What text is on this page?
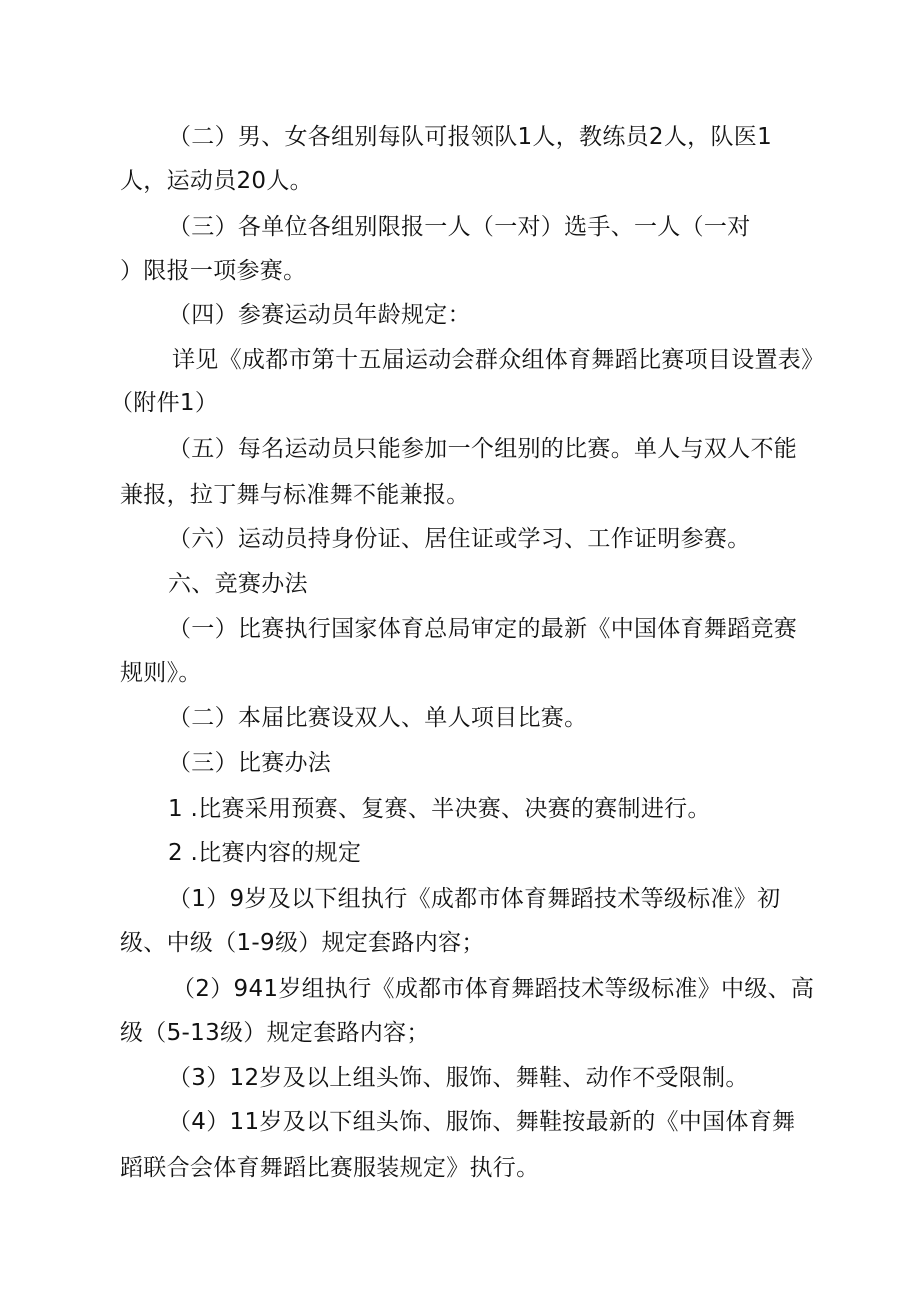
（二）男、女各组别每队可报领队1人，教练员2人，队医1
人，运动员20人。
（三）各单位各组别限报一人（一对）选手、一人（一对
）限报一项参赛。
（四）参赛运动员年龄规定：
详见《成都市第十五届运动会群众组体育舞蹈比赛项目设置表》
（附件1）
（五）每名运动员只能参加一个组别的比赛。单人与双人不能
兼报，拉丁舞与标准舞不能兼报。
（六）运动员持身份证、居住证或学习、工作证明参赛。
六、竞赛办法
（一）比赛执行国家体育总局审定的最新《中国体育舞蹈竞赛
规则》。
（二）本届比赛设双人、单人项目比赛。
（三）比赛办法
1 .比赛采用预赛、复赛、半决赛、决赛的赛制进行。
2 .比赛内容的规定
（1）9岁及以下组执行《成都市体育舞蹈技术等级标准》初
级、中级（1-9级）规定套路内容；
（2）941岁组执行《成都市体育舞蹈技术等级标准》中级、高
级（5-13级）规定套路内容；
（3）12岁及以上组头饰、服饰、舞鞋、动作不受限制。
（4）11岁及以下组头饰、服饰、舞鞋按最新的《中国体育舞
蹈联合会体育舞蹈比赛服装规定》执行。
